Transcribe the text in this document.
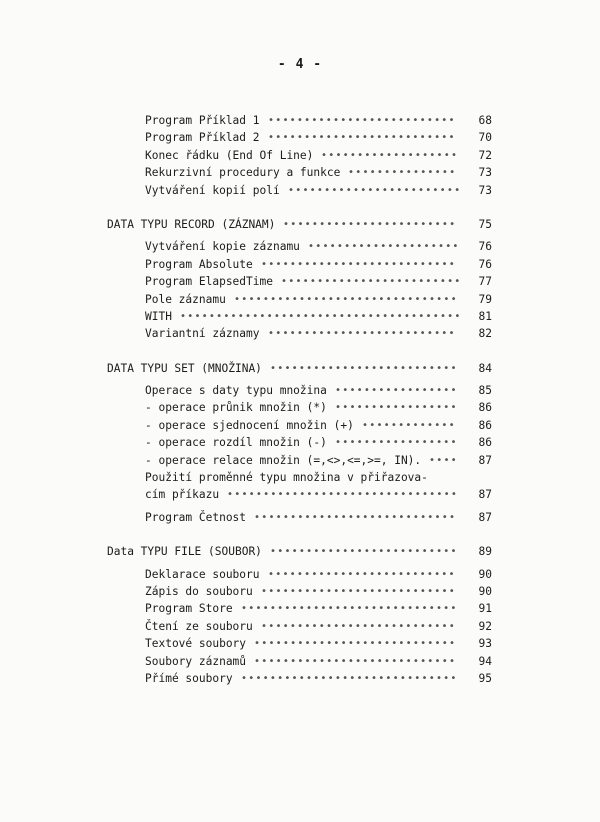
- 4 -
Program Příklad 1 ••••••••••••••••••••••••••	68
Program Příklad 2 ••••••••••••••••••••••••••	70
Konec řádku (End Of Line) •••••••••••••••••••	72
Rekurzivní procedury a funkce •••••••••••••••	73
Vytváření kopií polí ••••••••••••••••••••••••	73
DATA TYPU RECORD (ZÁZNAM) ••••••••••••••••••••••••	75
Vytváření kopie záznamu •••••••••••••••••••••	76
Program Absolute •••••••••••••••••••••••••••	76
Program ElapsedTime •••••••••••••••••••••••••	77
Pole záznamu •••••••••••••••••••••••••••••••	79
WITH •••••••••••••••••••••••••••••••••••••••	81
Variantní záznamy ••••••••••••••••••••••••••	82
DATA TYPU SET (MNOŽINA) ••••••••••••••••••••••••••	84
Operace s daty typu množina •••••••••••••••••	85
- operace průnik množin (*) •••••••••••••••••	86
- operace sjednocení množin (+) •••••••••••••	86
- operace rozdíl množin (-) •••••••••••••••••	86
- operace relace množin (=,<>,<=,>=, IN). ••••	87
Použití proměnné typu množina v přiřazova-
cím příkazu ••••••••••••••••••••••••••••••••	87
Program Četnost ••••••••••••••••••••••••••••	87
Data TYPU FILE (SOUBOR) ••••••••••••••••••••••••••	89
Deklarace souboru ••••••••••••••••••••••••••	90
Zápis do souboru •••••••••••••••••••••••••••	90
Program Store ••••••••••••••••••••••••••••••	91
Čtení ze souboru •••••••••••••••••••••••••••	92
Textové soubory ••••••••••••••••••••••••••••	93
Soubory záznamů ••••••••••••••••••••••••••••	94
Přímé soubory ••••••••••••••••••••••••••••••	95
